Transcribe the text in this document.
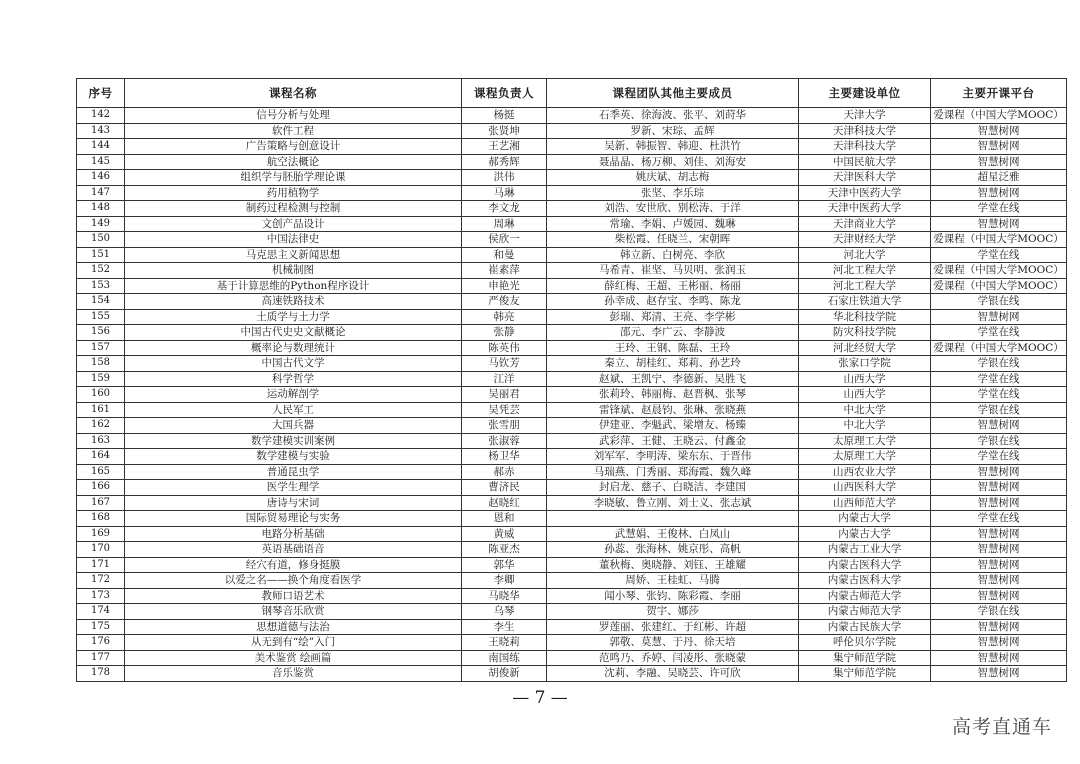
序号	课程名称	课程负责人	课程团队其他主要成员	主要建设单位	主要开课平台
142	信号分析与处理	杨挺	石季英、徐海波、张平、刘莳华	天津大学	爱课程（中国大学MOOC）
143	软件工程	张贤坤	罗新、宋琮、孟辉	天津科技大学	智慧树网
144	广告策略与创意设计	王艺湘	吴新、韩振智、韩迎、杜洪竹	天津科技大学	智慧树网
145	航空法概论	郝秀辉	聂晶晶、杨万柳、刘佳、刘海安	中国民航大学	智慧树网
146	组织学与胚胎学理论课	洪伟	姚庆斌、胡志梅	天津医科大学	超星泛雅
147	药用植物学	马琳	张坚、李乐琮	天津中医药大学	智慧树网
148	制药过程检测与控制	李文龙	刘浩、安世欣、别松涛、于洋	天津中医药大学	学堂在线
149	文创产品设计	周琳	常瑜、李娟、卢媛园、魏琳	天津商业大学	智慧树网
150	中国法律史	侯欣一	柴松霞、任晓兰、宋朝晖	天津财经大学	爱课程（中国大学MOOC）
151	马克思主义新闻思想	和曼	韩立新、白树亮、李欣	河北大学	学堂在线
152	机械制图	崔素萍	马希青、崔坚、马贝明、张润玉	河北工程大学	爱课程（中国大学MOOC）
153	基于计算思维的Python程序设计	申艳光	薛红梅、王超、王彬丽、杨丽	河北工程大学	爱课程（中国大学MOOC）
154	高速铁路技术	严俊友	孙幸成、赵存宝、李鸣、陈龙	石家庄铁道大学	学银在线
155	土质学与土力学	韩亮	彭瑞、郑清、王亮、李学彬	华北科技学院	智慧树网
156	中国古代史史文献概论	张静	邵元、李广云、李静波	防灾科技学院	学堂在线
157	概率论与数理统计	陈英伟	王玲、王钢、陈磊、王玲	河北经贸大学	爱课程（中国大学MOOC）
158	中国古代文学	马钦芳	秦立、胡桂红、郑莉、孙艺玲	张家口学院	学银在线
159	科学哲学	江洋	赵斌、王凯宁、李德新、吴胜飞	山西大学	学堂在线
160	运动解剖学	吴丽君	张莉玲、韩丽梅、赵晋枫、张琴	山西大学	学堂在线
161	人民军工	吴凭芸	雷锋斌、赵晨钧、张琳、张晓燕	中北大学	学银在线
162	大国兵器	张雪朋	伊建亚、李魁武、梁增友、杨臻	中北大学	智慧树网
163	数学建模实训案例	张淑蓉	武彩萍、王健、王晓云、付鑫金	太原理工大学	学银在线
164	数学建模与实验	杨卫华	刘军军、李明涛、梁东东、于晋伟	太原理工大学	学堂在线
165	普通昆虫学	郝赤	马瑞燕、门秀丽、郑海霞、魏久峰	山西农业大学	智慧树网
166	医学生理学	曹济民	封启龙、慈子、白晓洁、李建国	山西医科大学	智慧树网
167	唐诗与宋词	赵晓红	李晓敏、鲁立刚、刘士义、张志斌	山西师范大学	智慧树网
168	国际贸易理论与实务	恩和		内蒙古大学	学堂在线
169	电路分析基础	黄威	武慧娟、王俊林、白凤山	内蒙古大学	智慧树网
170	英语基础语音	陈亚杰	孙蕊、张海林、姚京彤、高帆	内蒙古工业大学	智慧树网
171	经穴有道，修身挺膜	郭华	董秋梅、奥晓静、刘钰、王雄耀	内蒙古医科大学	智慧树网
172	以爱之名——换个角度看医学	李卿	周娇、王桂虹、马腾	内蒙古医科大学	智慧树网
173	教师口语艺术	马晓华	闻小琴、张钧、陈彩霞、李丽	内蒙古师范大学	智慧树网
174	钢琴音乐欣赏	乌琴	贺宇、娜莎	内蒙古师范大学	学银在线
175	思想道德与法治	李生	罗莲丽、张建红、于红彬、许超	内蒙古民族大学	智慧树网
176	从无到有“绘”入门	王晓莉	郭敬、莫慧、于丹、徐天培	呼伦贝尔学院	智慧树网
177	美术鉴赏 绘画篇	南国练	范鸣乃、乔婷、闫凌彤、张晓蒙	集宁师范学院	智慧树网
178	音乐鉴赏	胡俊新	沈莉、李融、吴晓芸、许可欣	集宁师范学院	智慧树网
— 7 —
高考直通车
